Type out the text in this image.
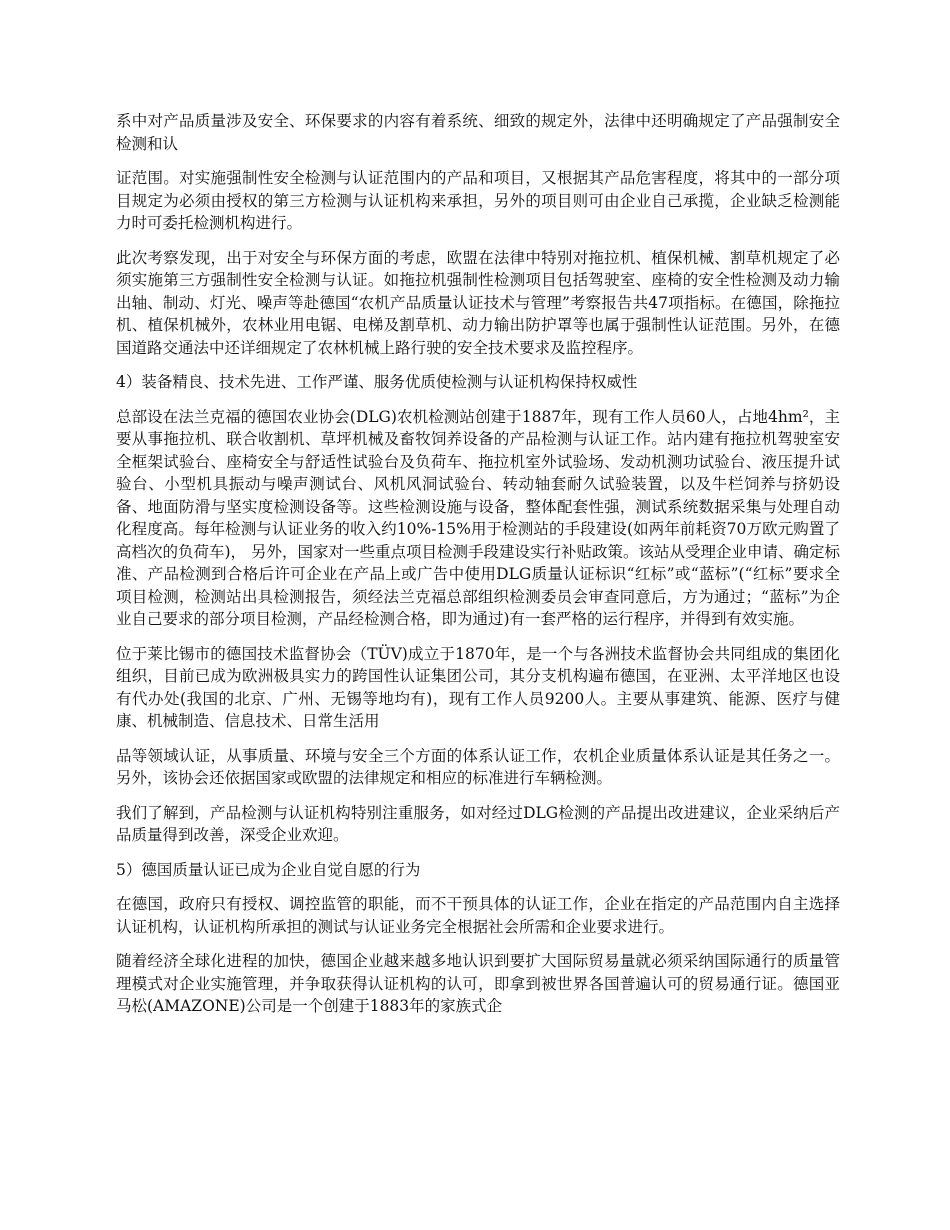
系中对产品质量涉及安全、环保要求的内容有着系统、细致的规定外，法律中还明确规定了产品强制安全检测和认

证范围。对实施强制性安全检测与认证范围内的产品和项目，又根据其产品危害程度，将其中的一部分项目规定为必须由授权的第三方检测与认证机构来承担，另外的项目则可由企业自己承揽，企业缺乏检测能力时可委托检测机构进行。

此次考察发现，出于对安全与环保方面的考虑，欧盟在法律中特别对拖拉机、植保机械、割草机规定了必须实施第三方强制性安全检测与认证。如拖拉机强制性检测项目包括驾驶室、座椅的安全性检测及动力输出轴、制动、灯光、噪声等赴德国“农机产品质量认证技术与管理”考察报告共47项指标。在德国，除拖拉机、植保机械外，农林业用电锯、电梯及割草机、动力输出防护罩等也属于强制性认证范围。另外，在德国道路交通法中还详细规定了农林机械上路行驶的安全技术要求及监控程序。

4）装备精良、技术先进、工作严谨、服务优质使检测与认证机构保持权威性

总部设在法兰克福的德国农业协会(DLG)农机检测站创建于1887年，现有工作人员60人，占地4hm²，主要从事拖拉机、联合收割机、草坪机械及畜牧饲养设备的产品检测与认证工作。站内建有拖拉机驾驶室安全框架试验台、座椅安全与舒适性试验台及负荷车、拖拉机室外试验场、发动机测功试验台、液压提升试验台、小型机具振动与噪声测试台、风机风洞试验台、转动轴套耐久试验装置，以及牛栏饲养与挤奶设备、地面防滑与坚实度检测设备等。这些检测设施与设备，整体配套性强，测试系统数据采集与处理自动化程度高。每年检测与认证业务的收入约10%-15%用于检测站的手段建设(如两年前耗资70万欧元购置了高档次的负荷车)， 另外，国家对一些重点项目检测手段建设实行补贴政策。该站从受理企业申请、确定标准、产品检测到合格后许可企业在产品上或广告中使用DLG质量认证标识“红标”或“蓝标”(“红标”要求全项目检测，检测站出具检测报告，须经法兰克福总部组织检测委员会审查同意后，方为通过；“蓝标”为企业自己要求的部分项目检测，产品经检测合格，即为通过)有一套严格的运行程序，并得到有效实施。

位于莱比锡市的德国技术监督协会（TÜV)成立于1870年，是一个与各洲技术监督协会共同组成的集团化组织，目前已成为欧洲极具实力的跨国性认证集团公司，其分支机构遍布德国，在亚洲、太平洋地区也设有代办处(我国的北京、广州、无锡等地均有)，现有工作人员9200人。主要从事建筑、能源、医疗与健康、机械制造、信息技术、日常生活用

品等领域认证，从事质量、环境与安全三个方面的体系认证工作，农机企业质量体系认证是其任务之一。另外，该协会还依据国家或欧盟的法律规定和相应的标准进行车辆检测。

我们了解到，产品检测与认证机构特别注重服务，如对经过DLG检测的产品提出改进建议，企业采纳后产品质量得到改善，深受企业欢迎。

5）德国质量认证已成为企业自觉自愿的行为

在德国，政府只有授权、调控监管的职能，而不干预具体的认证工作，企业在指定的产品范围内自主选择认证机构，认证机构所承担的测试与认证业务完全根据社会所需和企业要求进行。

随着经济全球化进程的加快，德国企业越来越多地认识到要扩大国际贸易量就必须采纳国际通行的质量管理模式对企业实施管理，并争取获得认证机构的认可，即拿到被世界各国普遍认可的贸易通行证。德国亚马松(AMAZONE)公司是一个创建于1883年的家族式企
